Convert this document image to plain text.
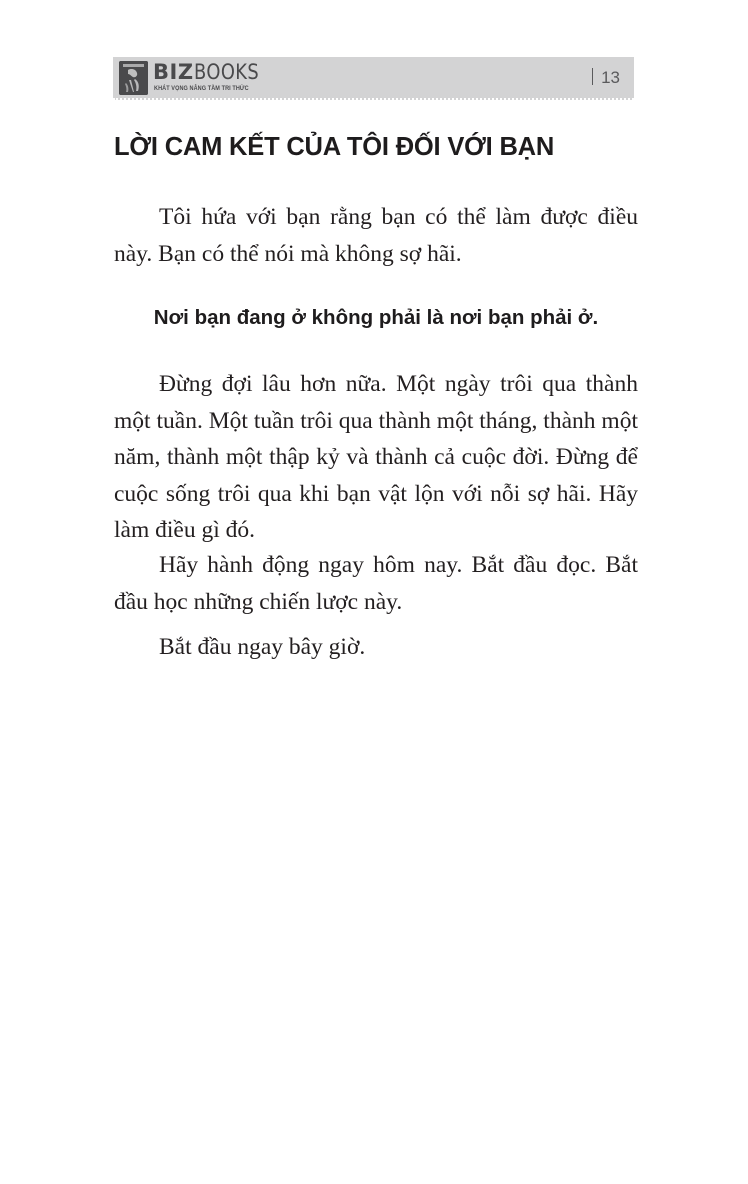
BIZBOOKS
KHÁT VỌNG NÂNG TẦM TRI THỨC
13
LỜI CAM KẾT CỦA TÔI ĐỐI VỚI BẠN

Tôi hứa với bạn rằng bạn có thể làm được điều này. Bạn có thể nói mà không sợ hãi.

Nơi bạn đang ở không phải là nơi bạn phải ở.

Đừng đợi lâu hơn nữa. Một ngày trôi qua thành một tuần. Một tuần trôi qua thành một tháng, thành một năm, thành một thập kỷ và thành cả cuộc đời. Đừng để cuộc sống trôi qua khi bạn vật lộn với nỗi sợ hãi. Hãy làm điều gì đó.

Hãy hành động ngay hôm nay. Bắt đầu đọc. Bắt đầu học những chiến lược này.

Bắt đầu ngay bây giờ.
